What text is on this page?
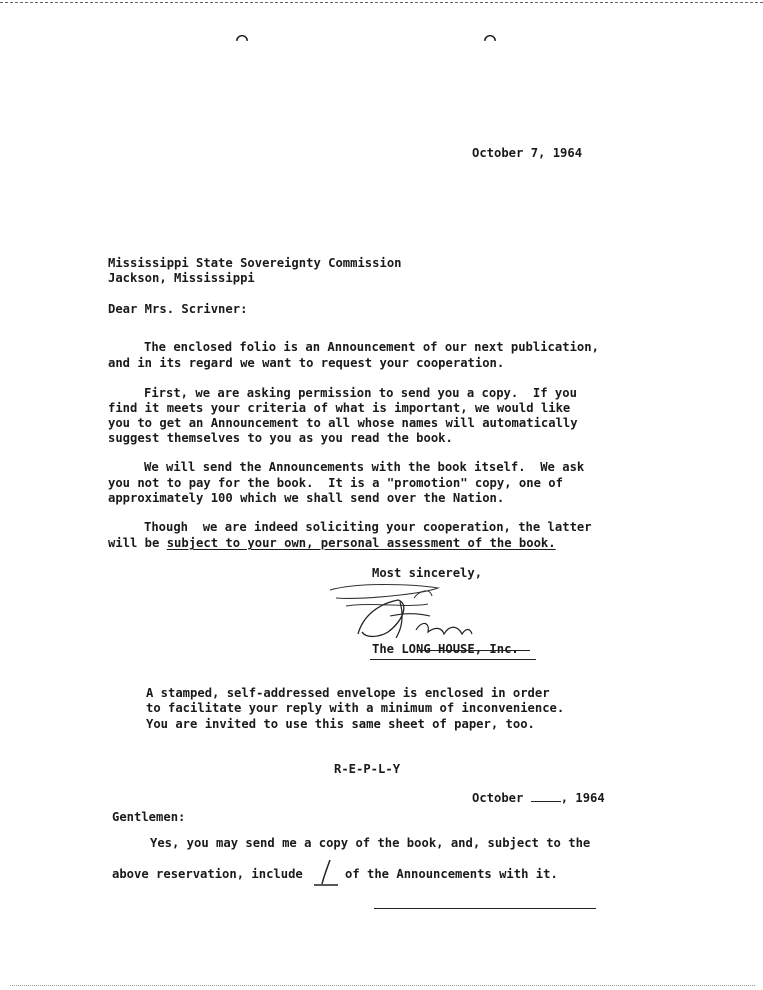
⌒	⌒
October 7, 1964
Mississippi State Sovereignty Commission
Jackson, Mississippi
Dear Mrs. Scrivner:
The enclosed folio is an Announcement of our next publication,
and in its regard we want to request your cooperation.
First, we are asking permission to send you a copy.  If you
find it meets your criteria of what is important, we would like
you to get an Announcement to all whose names will automatically
suggest themselves to you as you read the book.
We will send the Announcements with the book itself.  We ask
you not to pay for the book.  It is a "promotion" copy, one of
approximately 100 which we shall send over the Nation.
Though  we are indeed soliciting your cooperation, the latter
will be subject to your own, personal assessment of the book.
Most sincerely,
The LONG HOUSE, Inc.
A stamped, self-addressed envelope is enclosed in order
to facilitate your reply with a minimum of inconvenience.
You are invited to use this same sheet of paper, too.
R-E-P-L-Y
October , 1964
Gentlemen:
Yes, you may send me a copy of the book, and, subject to the
above reservation, include	of the Announcements with it.
